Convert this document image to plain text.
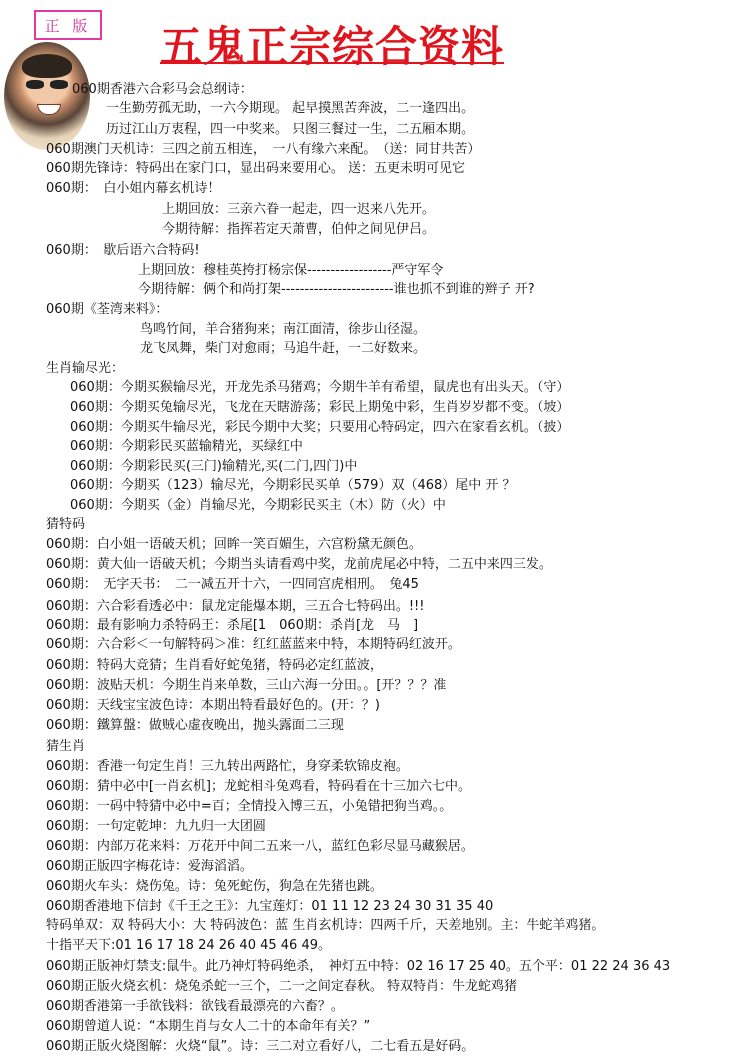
正 版 五鬼正宗综合资料
060期香港六合彩马会总纲诗：
一生勤劳孤无助，一六今期现。 起早摸黑苦奔波，二一逢四出。
历过江山万衷程，四一中奖来。 只图三餐过一生，二五厢本期。
060期澳门天机诗：三四之前五相连，　一八有缘六来配。　（送：同甘共苦）
060期先锋诗：特码出在家门口，显出码来要用心。 送：五更未明可见它
060期：　白小姐内幕玄机诗！
上期回放：三亲六眷一起走，四一迟来八先开。
今期待解：指挥若定天萧曹，伯仲之间见伊吕。
060期：　歇后语六合特码!
上期回放：穆桂英挎打杨宗保------------------严守军令
今期待解：俩个和尚打架------------------------谁也抓不到谁的辫子 开?
060期《荃湾来料》：
鸟鸣竹间，羊合猪狗来；南江面清，徐步山径湿。
龙飞凤舞，柴门对愈雨；马追牛赶，一二好数来。
生肖输尽光：
060期：今期买猴输尽光，开龙先杀马猪鸡；今期牛羊有希望，鼠虎也有出头天。（守）
060期：今期买兔输尽光，飞龙在天瞎游荡；彩民上期兔中彩，生肖岁岁都不变。（坡）
060期：今期买牛输尽光，彩民今期中大奖；只要用心特码定，四六在家看玄机。（披）
060期：今期彩民买蓝输精光，买绿红中
060期：今期彩民买(三门)输精光,买(二门,四门)中
060期：今期买（123）输尽光，今期彩民买单（579）双（468）尾中 开 ？
060期：今期买（金）肖输尽光，今期彩民买主（木）防（火）中
猜特码
060期：白小姐一语破天机；回眸一笑百媚生，六宫粉黛无颜色。
060期：黄大仙一语破天机；今期当头请看鸡中奖，龙前虎尾必中特，二五中来四三发。
060期：　无字天书：　二一减五开十六，一四同宫虎相刑。　兔45
060期：六合彩看透必中：鼠龙定能爆本期，三五合七特码出。!!!
060期：最有影响力杀特码王：杀尾[1　060期：杀肖[龙　马　]
060期：六合彩＜一句解特码＞准：红红蓝蓝来中特，本期特码红波开。
060期：特码大竞猜；生肖看好蛇兔猪，特码必定红蓝波，
060期：波贴天机：今期生肖来单数，三山六海一分田。。[开？？？准
060期：天线宝宝波色诗：本期出特看最好色的。(开：？)
060期：鐵算盤：做贼心虚夜晚出，抛头露面二三现
猜生肖
060期：香港一句定生肖！三九转出两路忙，身穿柔软锦皮袍。
060期：猜中必中[一肖玄机]；龙蛇相斗兔鸡看，特码看在十三加六七中。
060期：一码中特猜中必中=百；全情投入博三五，小兔错把狗当鸡。。
060期：一句定乾坤：九九归一大团圆
060期：内部万花来料：万花开中间二五来一八，蓝红色彩尽显马藏猴居。
060期正版四字梅花诗：爱海滔滔。
060期火车头：烧伤兔。诗：兔死蛇伤，狗急在先猪也跳。
060期香港地下信封《千王之王》：九宝莲灯：01 11 12 23 24 30 31 35 40
特码单双：双 特码大小：大 特码波色：蓝 生肖玄机诗：四两千斤，天差地别。主：牛蛇羊鸡猪。
十指平天下:01 16 17 18 24 26 40 45 46 49。
060期正版神灯禁支:鼠牛。此乃神灯特码绝杀，　神灯五中特：02 16 17 25 40。五个平：01 22 24 36 43
060期正版火烧玄机：烧兔杀蛇一三个，二一之间定春秋。 特双特肖：牛龙蛇鸡猪
060期香港第一手欲钱料：欲钱看最漂亮的六畜？。
060期曾道人说：“本期生肖与女人二十的本命年有关？”
060期正版火烧图解：火烧“鼠”。诗：三二对立看好八，二七看五是好码。
